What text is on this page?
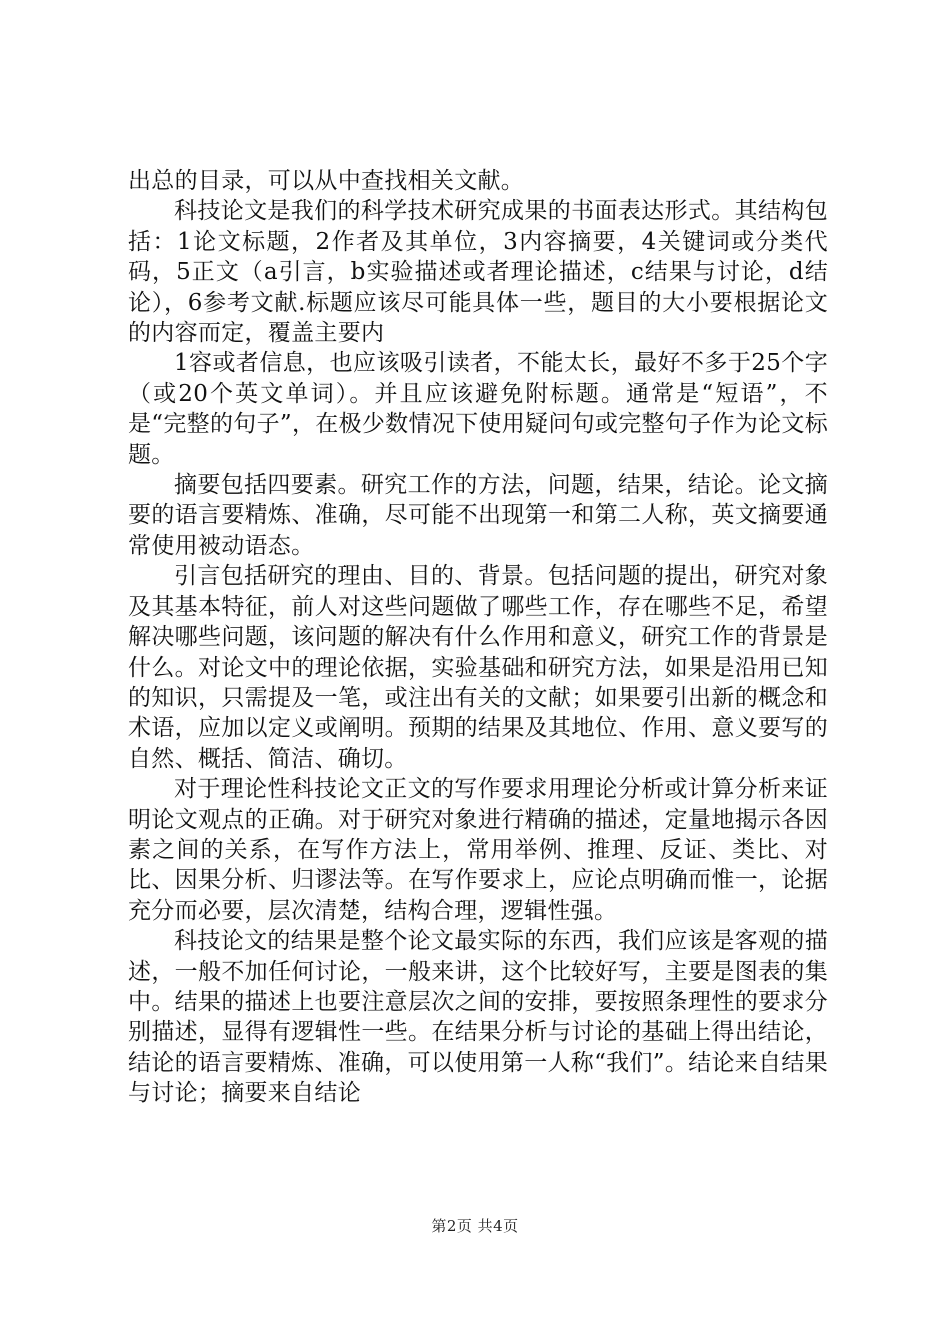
出总的目录，可以从中查找相关文献。

科技论文是我们的科学技术研究成果的书面表达形式。其结构包括：1论文标题，2作者及其单位，3内容摘要，4关键词或分类代码，5正文（a引言，b实验描述或者理论描述，c结果与讨论，d结论），6参考文献.标题应该尽可能具体一些，题目的大小要根据论文的内容而定，覆盖主要内

1容或者信息，也应该吸引读者，不能太长，最好不多于25个字（或20个英文单词）。并且应该避免附标题。通常是“短语”，不是“完整的句子”，在极少数情况下使用疑问句或完整句子作为论文标题。

摘要包括四要素。研究工作的方法，问题，结果，结论。论文摘要的语言要精炼、准确，尽可能不出现第一和第二人称，英文摘要通常使用被动语态。

引言包括研究的理由、目的、背景。包括问题的提出，研究对象及其基本特征，前人对这些问题做了哪些工作，存在哪些不足，希望解决哪些问题，该问题的解决有什么作用和意义，研究工作的背景是什么。对论文中的理论依据，实验基础和研究方法，如果是沿用已知的知识，只需提及一笔，或注出有关的文献；如果要引出新的概念和术语，应加以定义或阐明。预期的结果及其地位、作用、意义要写的自然、概括、简洁、确切。

对于理论性科技论文正文的写作要求用理论分析或计算分析来证明论文观点的正确。对于研究对象进行精确的描述，定量地揭示各因素之间的关系，在写作方法上，常用举例、推理、反证、类比、对比、因果分析、归谬法等。在写作要求上，应论点明确而惟一，论据充分而必要，层次清楚，结构合理，逻辑性强。

科技论文的结果是整个论文最实际的东西，我们应该是客观的描述，一般不加任何讨论，一般来讲，这个比较好写，主要是图表的集中。结果的描述上也要注意层次之间的安排，要按照条理性的要求分别描述，显得有逻辑性一些。在结果分析与讨论的基础上得出结论，结论的语言要精炼、准确，可以使用第一人称“我们”。结论来自结果与讨论；摘要来自结论

第2页 共4页
